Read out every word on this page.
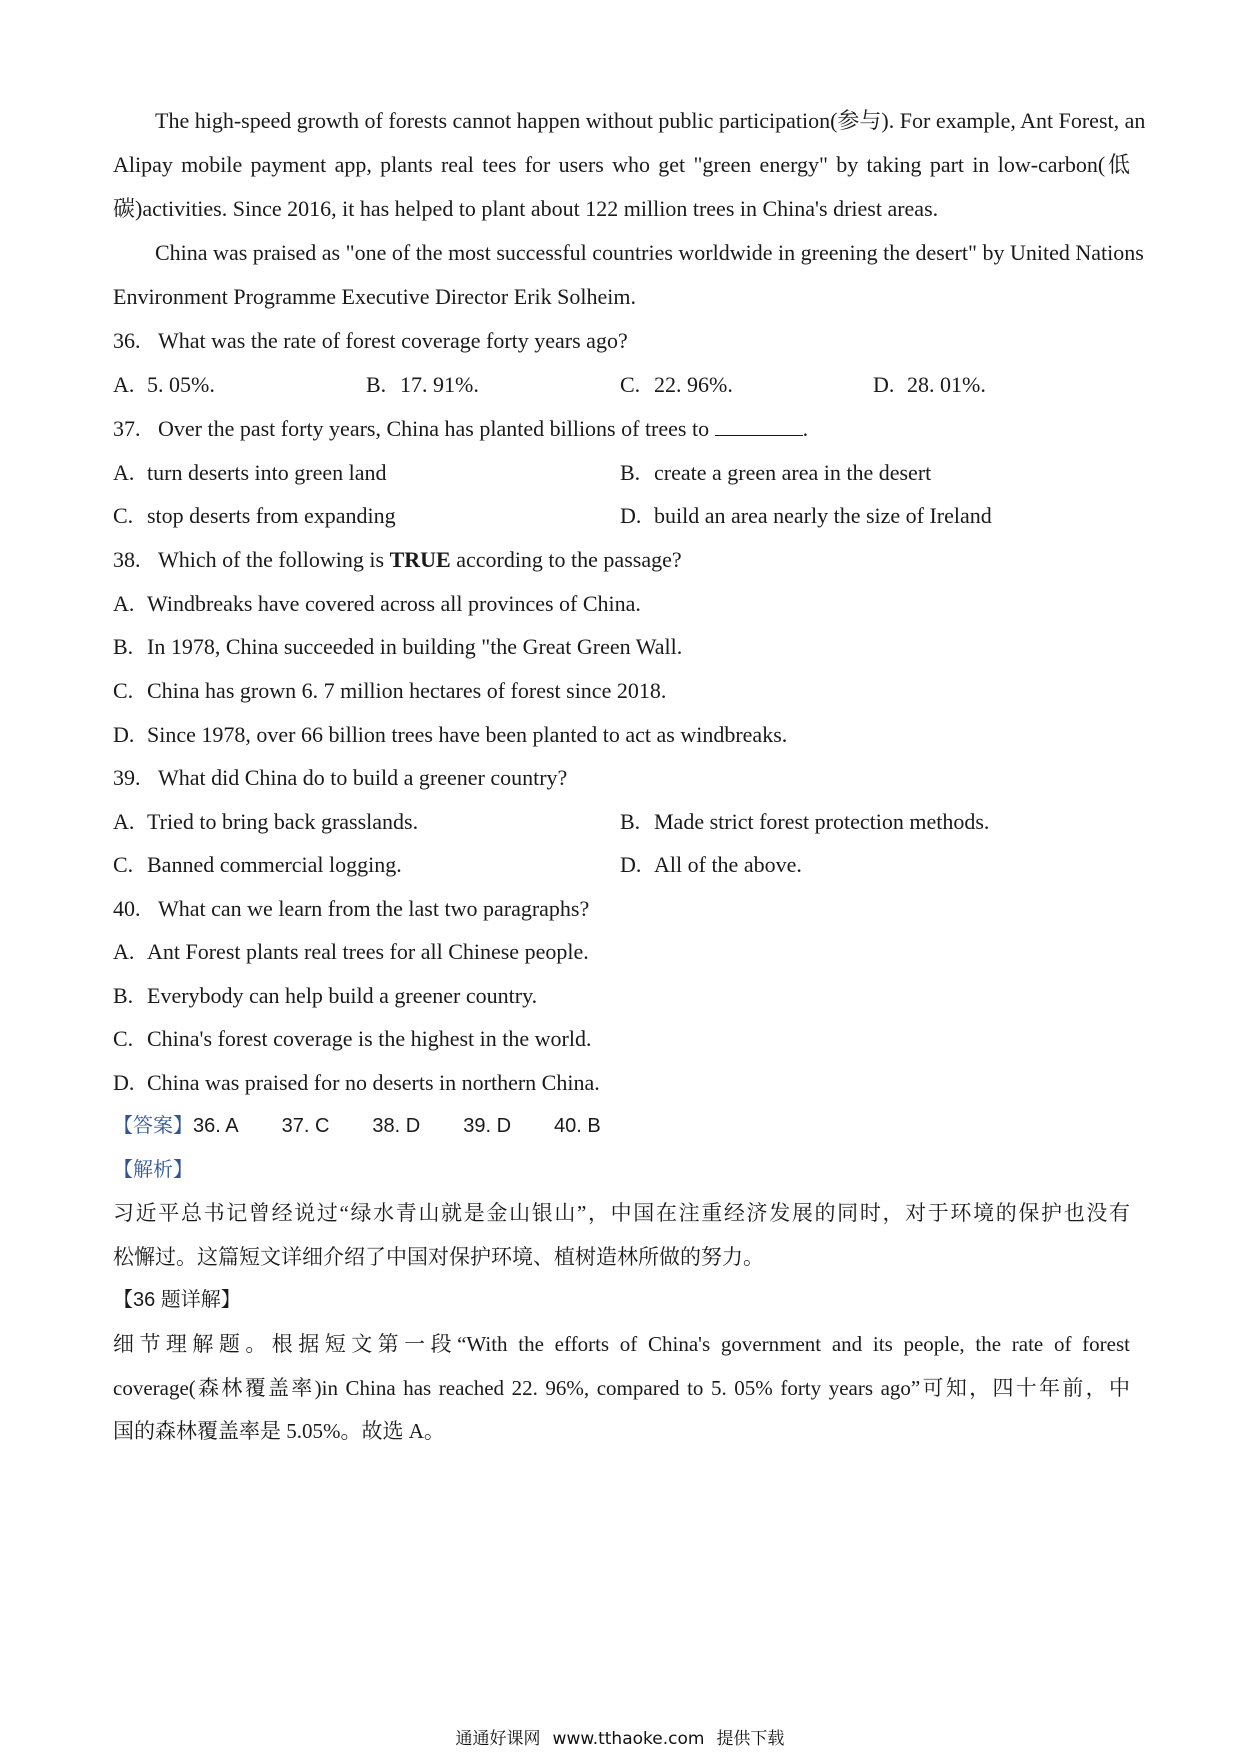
The high-speed growth of forests cannot happen without public participation(参与). For example, Ant Forest, an
Alipay mobile payment app, plants real tees for users who get "green energy" by taking part in low-carbon(低
碳)activities. Since 2016, it has helped to plant about 122 million trees in China's driest areas.
China was praised as "one of the most successful countries worldwide in greening the desert" by United Nations
Environment Programme Executive Director Erik Solheim.
36. What was the rate of forest coverage forty years ago?
A. 5. 05%.	B. 17. 91%.	C. 22. 96%.	D. 28. 01%.
37. Over the past forty years, China has planted billions of trees to	.
A. turn deserts into green land	B. create a green area in the desert
C. stop deserts from expanding	D. build an area nearly the size of Ireland
38. Which of the following is TRUE according to the passage?
A. Windbreaks have covered across all provinces of China.
B. In 1978, China succeeded in building "the Great Green Wall.
C. China has grown 6. 7 million hectares of forest since 2018.
D. Since 1978, over 66 billion trees have been planted to act as windbreaks.
39. What did China do to build a greener country?
A. Tried to bring back grasslands.	B. Made strict forest protection methods.
C. Banned commercial logging.	D. All of the above.
40. What can we learn from the last two paragraphs?
A. Ant Forest plants real trees for all Chinese people.
B. Everybody can help build a greener country.
C. China's forest coverage is the highest in the world.
D. China was praised for no deserts in northern China.
【答案】36. A 37. C 38. D 39. D 40. B
【解析】
习近平总书记曾经说过“绿水青山就是金山银山”，中国在注重经济发展的同时，对于环境的保护也没有
松懈过。这篇短文详细介绍了中国对保护环境、植树造林所做的努力。
【36 题详解】
细节理解题。根据短文第一段“With the efforts of China's government and its people, the rate of forest
coverage(森林覆盖率)in China has reached 22. 96%, compared to 5. 05% forty years ago”可知，四十年前，中
国的森林覆盖率是 5.05%。故选 A。
通通好课网 www.tthaoke.com 提供下载
